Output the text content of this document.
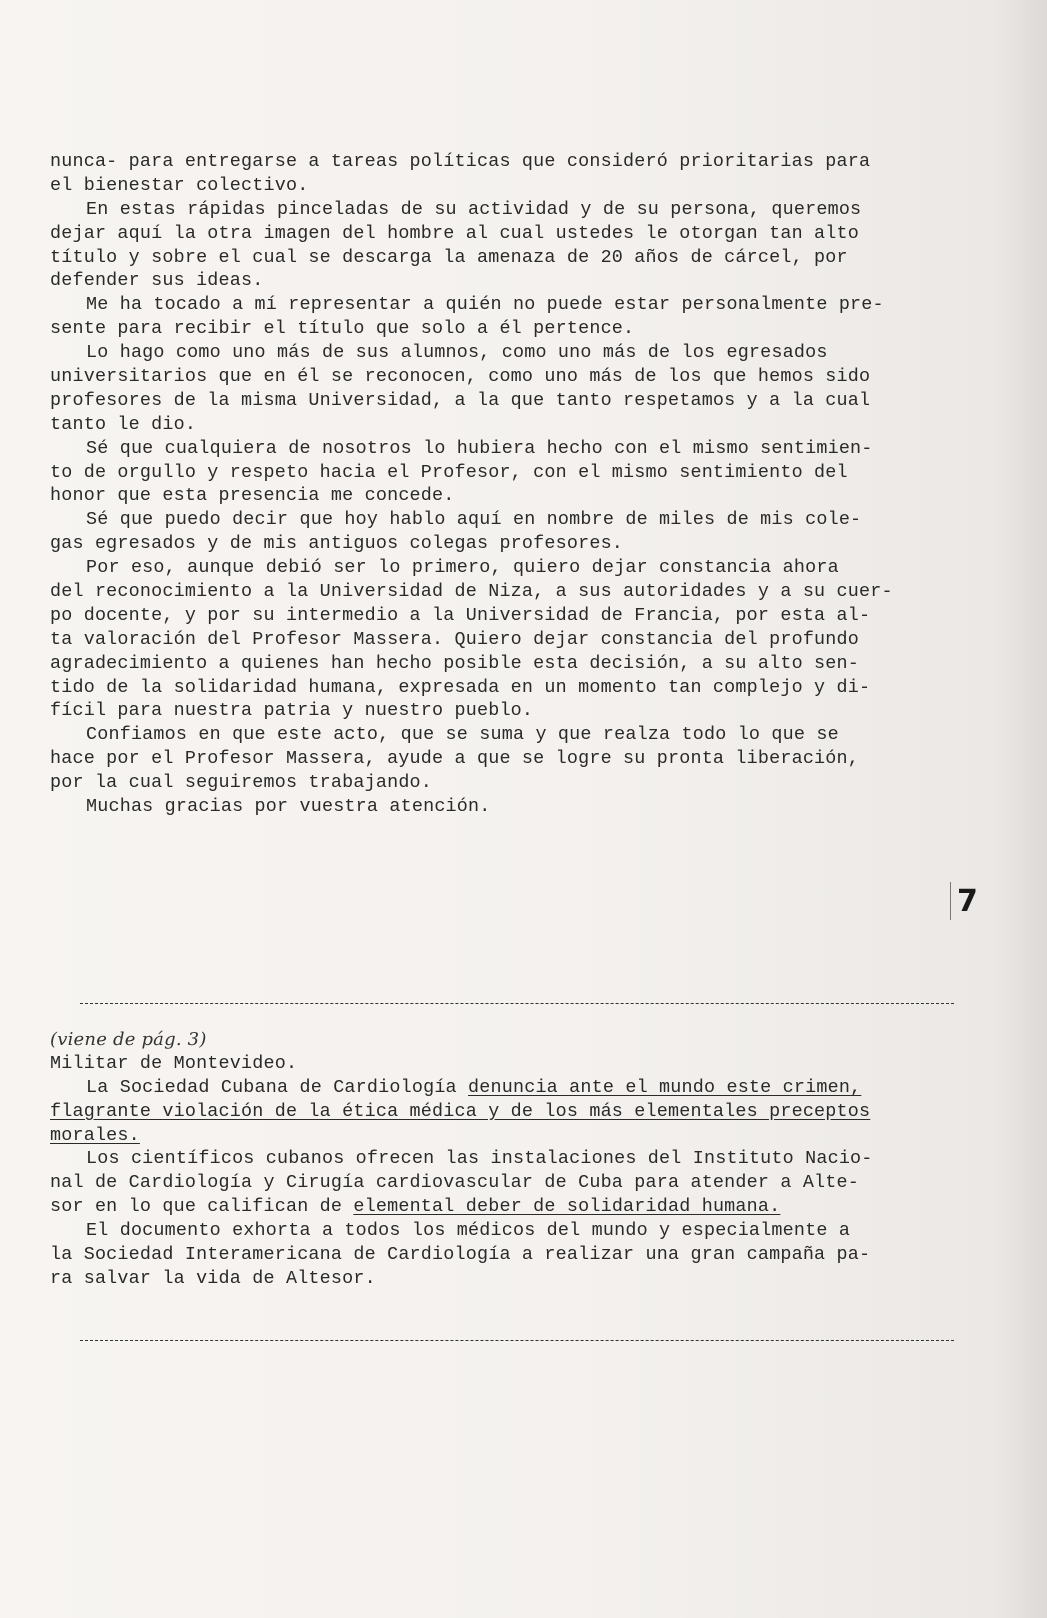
nunca- para entregarse a tareas políticas que consideró prioritarias para
el bienestar colectivo.
En estas rápidas pinceladas de su actividad y de su persona, queremos
dejar aquí la otra imagen del hombre al cual ustedes le otorgan tan alto
título y sobre el cual se descarga la amenaza de 20 años de cárcel, por
defender sus ideas.
Me ha tocado a mí representar a quién no puede estar personalmente pre-
sente para recibir el título que solo a él pertence.
Lo hago como uno más de sus alumnos, como uno más de los egresados
universitarios que en él se reconocen, como uno más de los que hemos sido
profesores de la misma Universidad, a la que tanto respetamos y a la cual
tanto le dio.
Sé que cualquiera de nosotros lo hubiera hecho con el mismo sentimien-
to de orgullo y respeto hacia el Profesor, con el mismo sentimiento del
honor que esta presencia me concede.
Sé que puedo decir que hoy hablo aquí en nombre de miles de mis cole-
gas egresados y de mis antiguos colegas profesores.
Por eso, aunque debió ser lo primero, quiero dejar constancia ahora
del reconocimiento a la Universidad de Niza, a sus autoridades y a su cuer-
po docente, y por su intermedio a la Universidad de Francia, por esta al-
ta valoración del Profesor Massera. Quiero dejar constancia del profundo
agradecimiento a quienes han hecho posible esta decisión, a su alto sen-
tido de la solidaridad humana, expresada en un momento tan complejo y di-
fícil para nuestra patria y nuestro pueblo.
Confiamos en que este acto, que se suma y que realza todo lo que se
hace por el Profesor Massera, ayude a que se logre su pronta liberación,
por la cual seguiremos trabajando.
Muchas gracias por vuestra atención.
7
(viene de pág. 3)
Militar de Montevideo.
La Sociedad Cubana de Cardiología denuncia ante el mundo este crimen,
flagrante violación de la ética médica y de los más elementales preceptos
morales.
Los científicos cubanos ofrecen las instalaciones del Instituto Nacio-
nal de Cardiología y Cirugía cardiovascular de Cuba para atender a Alte-
sor en lo que califican de elemental deber de solidaridad humana.
El documento exhorta a todos los médicos del mundo y especialmente a
la Sociedad Interamericana de Cardiología a realizar una gran campaña pa-
ra salvar la vida de Altesor.
